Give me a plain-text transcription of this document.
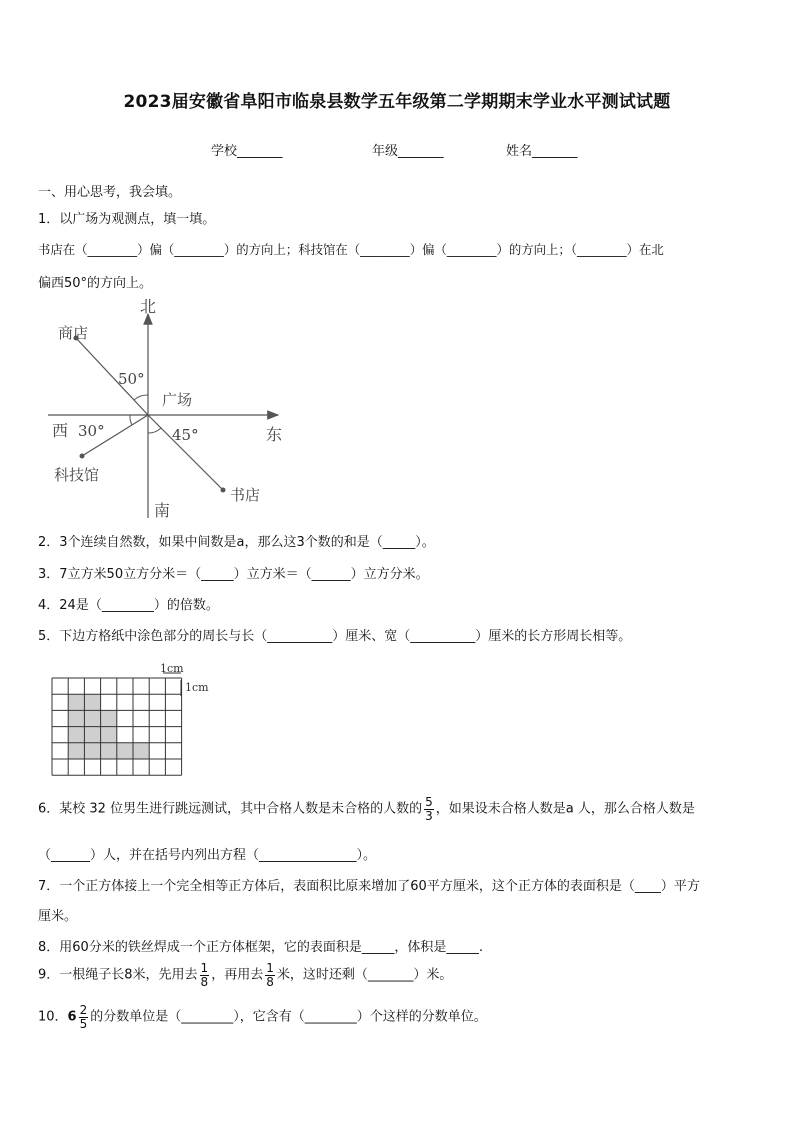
2023届安徽省阜阳市临泉县数学五年级第二学期期末学业水平测试试题
学校_______	年级_______	姓名_______
一、用心思考，我会填。
1．以广场为观测点，填一填。
书店在（________）偏（________）的方向上；科技馆在（________）偏（________）的方向上；（________）在北
偏西50°的方向上。
北
南
东
西
广场
商店
科技馆
书店
50°
30°	45°
2．3个连续自然数，如果中间数是a，那么这3个数的和是（_____）。
3．7立方米50立方分米＝（_____）立方米＝（______）立方分米。
4．24是（________）的倍数。
5．下边方格纸中涂色部分的周长与长（__________）厘米、宽（__________）厘米的长方形周长相等。
1cm
1cm
6．某校 32 位男生进行跳远测试，其中合格人数是未合格的人数的 $\frac{5}{3}$ ，如果设未合格人数是a 人，那么合格人数是
（______）人，并在括号内列出方程（_______________）。
7．一个正方体接上一个完全相等正方体后，表面积比原来增加了60平方厘米，这个正方体的表面积是（____）平方
厘米。
8．用60分米的铁丝焊成一个正方体框架，它的表面积是_____，体积是_____.
9．一根绳子长8米，先用去 $\frac{1}{8}$ ，再用去 $\frac{1}{8}$ 米，这时还剩（_______）米。
10．$6 \frac{2}{5}$ 的分数单位是（________），它含有（________）个这样的分数单位。
